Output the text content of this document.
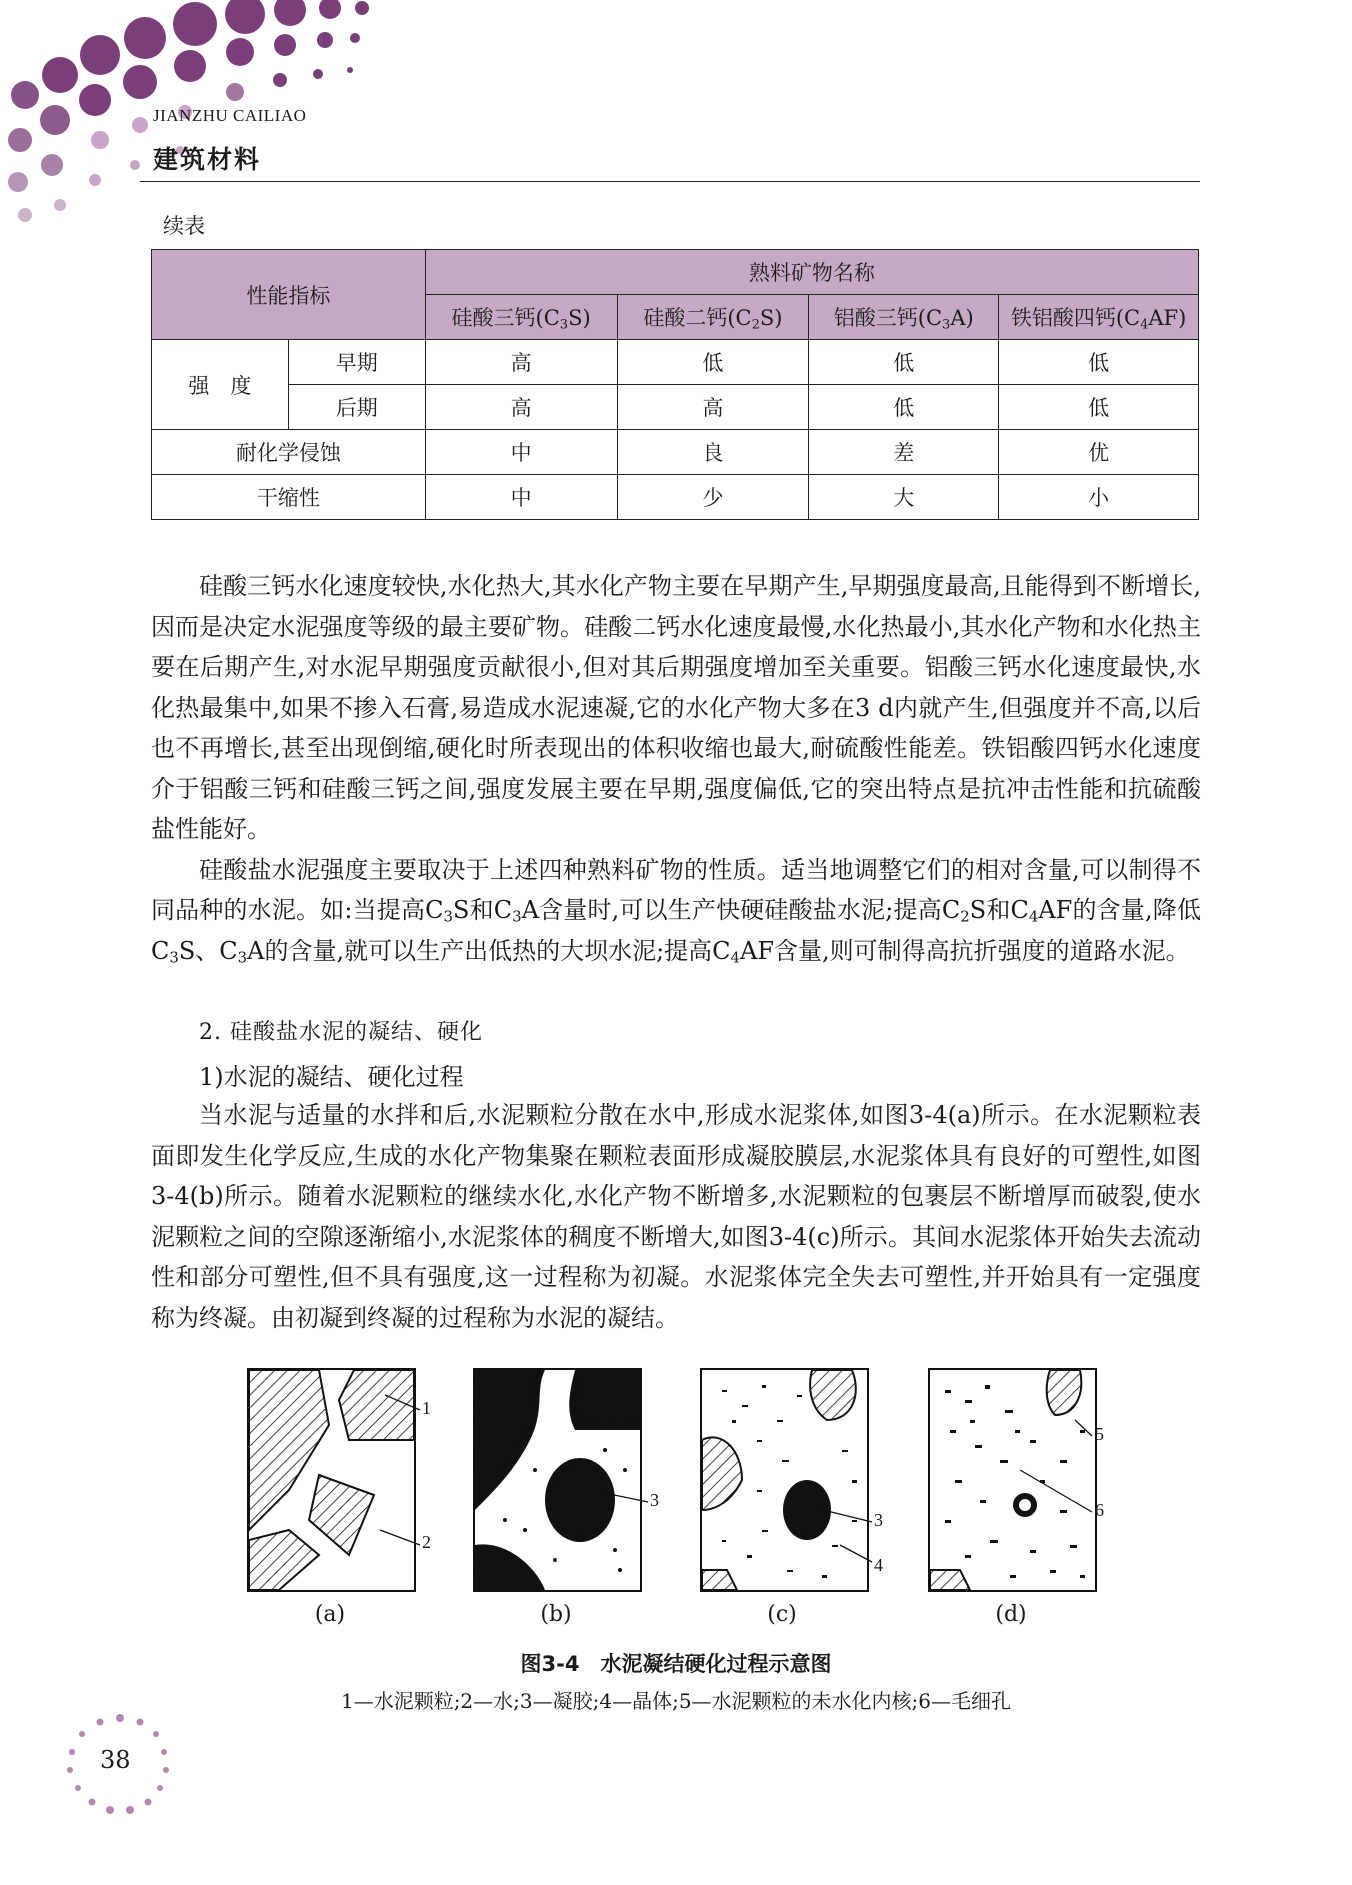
JIANZHU CAILIAO
建筑材料
续表
性能指标		熟料矿物名称			
		硅酸三钙$(C_3S)$	硅酸二钙$(C_2S)$	铝酸三钙$(C_3A)$	铁铝酸四钙$(C_4AF)$
强　度	早期	高	低	低	低
	后期	高	高	低	低
耐化学侵蚀		中	良	差	优
干缩性		中	少	大	小

硅酸三钙水化速度较快,水化热大,其水化产物主要在早期产生,早期强度最高,且能得到不断增长,因而是决定水泥强度等级的最主要矿物。硅酸二钙水化速度最慢,水化热最小,其水化产物和水化热主要在后期产生,对水泥早期强度贡献很小,但对其后期强度增加至关重要。铝酸三钙水化速度最快,水化热最集中,如果不掺入石膏,易造成水泥速凝,它的水化产物大多在3 d内就产生,但强度并不高,以后也不再增长,甚至出现倒缩,硬化时所表现出的体积收缩也最大,耐硫酸性能差。铁铝酸四钙水化速度介于铝酸三钙和硅酸三钙之间,强度发展主要在早期,强度偏低,它的突出特点是抗冲击性能和抗硫酸盐性能好。

硅酸盐水泥强度主要取决于上述四种熟料矿物的性质。适当地调整它们的相对含量,可以制得不同品种的水泥。如:当提高$C_3S$和$C_3A$含量时,可以生产快硬硅酸盐水泥;提高$C_2S$和$C_4AF$的含量,降低$C_3S$、$C_3A$的含量,就可以生产出低热的大坝水泥;提高$C_4AF$含量,则可制得高抗折强度的道路水泥。

2. 硅酸盐水泥的凝结、硬化
1)水泥的凝结、硬化过程

当水泥与适量的水拌和后,水泥颗粒分散在水中,形成水泥浆体,如图3-4(a)所示。在水泥颗粒表面即发生化学反应,生成的水化产物集聚在颗粒表面形成凝胶膜层,水泥浆体具有良好的可塑性,如图3-4(b)所示。随着水泥颗粒的继续水化,水化产物不断增多,水泥颗粒的包裹层不断增厚而破裂,使水泥颗粒之间的空隙逐渐缩小,水泥浆体的稠度不断增大,如图3-4(c)所示。其间水泥浆体开始失去流动性和部分可塑性,但不具有强度,这一过程称为初凝。水泥浆体完全失去可塑性,并开始具有一定强度称为终凝。由初凝到终凝的过程称为水泥的凝结。

1
2
3
3
4
5
6
(a)	(b)	(c)	(d)
图3-4　水泥凝结硬化过程示意图
1—水泥颗粒;2—水;3—凝胶;4—晶体;5—水泥颗粒的未水化内核;6—毛细孔
38
